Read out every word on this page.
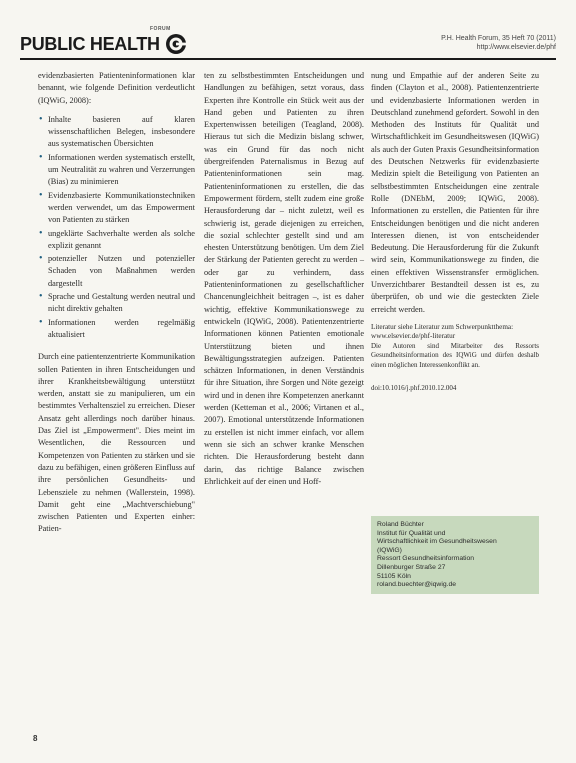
FORUM
PUBLIC HEALTH	P.H. Health Forum, 35 Heft 70 (2011)
http://www.elsevier.de/phf

evidenzbasierten Patienteninformationen klar benannt, wie folgende Definition verdeutlicht (IQWiG, 2008):

• Inhalte basieren auf klaren wissenschaftlichen Belegen, insbesondere aus systematischen Übersichten
• Informationen werden systematisch erstellt, um Neutralität zu wahren und Verzerrungen (Bias) zu minimieren
• Evidenzbasierte Kommunikationstechniken werden verwendet, um das Empowerment von Patienten zu stärken
• ungeklärte Sachverhalte werden als solche explizit genannt
• potenzieller Nutzen und potenzieller Schaden von Maßnahmen werden dargestellt
• Sprache und Gestaltung werden neutral und nicht direktiv gehalten
• Informationen werden regelmäßig aktualisiert

Durch eine patientenzentrierte Kommunikation sollen Patienten in ihren Entscheidungen und ihrer Krankheitsbewältigung unterstützt werden, anstatt sie zu manipulieren, um ein bestimmtes Verhaltensziel zu erreichen. Dieser Ansatz geht allerdings noch darüber hinaus. Das Ziel ist „Empowerment". Dies meint im Wesentlichen, die Ressourcen und Kompetenzen von Patienten zu stärken und sie dazu zu befähigen, einen größeren Einfluss auf ihre persönlichen Gesundheits- und Lebensziele zu nehmen (Wallerstein, 1998). Damit geht eine „Machtverschiebung" zwischen Patienten und Experten einher: Patien-

ten zu selbstbestimmten Entscheidungen und Handlungen zu befähigen, setzt voraus, dass Experten ihre Kontrolle ein Stück weit aus der Hand geben und Patienten zu ihren Expertenwissen beteiligen (Teagland, 2008). Hieraus tut sich die Medizin bislang schwer, was ein Grund für das noch nicht übergreifenden Paternalismus in Bezug auf Patienteninformationen sein mag. Patienteninformationen zu erstellen, die das Empowerment fördern, stellt zudem eine große Herausforderung dar – nicht zuletzt, weil es schwierig ist, gerade diejenigen zu erreichen, die sozial schlechter gestellt sind und am ehesten Unterstützung benötigen. Um dem Ziel der Stärkung der Patienten gerecht zu werden – oder gar zu verhindern, dass Patienteninformationen zu gesellschaftlicher Chancenungleichheit beitragen –, ist es daher wichtig, effektive Kommunikationswege zu entwickeln (IQWiG, 2008). Patientenzentrierte Informationen können Patienten emotionale Unterstützung bieten und ihnen Bewältigungsstrategien aufzeigen. Patienten schätzen Informationen, in denen Verständnis für ihre Situation, ihre Sorgen und Nöte gezeigt wird und in denen ihre Kompetenzen anerkannt werden (Ketteman et al., 2006; Virtanen et al., 2007). Emotional unterstützende Informationen zu erstellen ist nicht immer einfach, vor allem wenn sie sich an schwer kranke Menschen richten. Die Herausforderung besteht dann darin, das richtige Balance zwischen Ehrlichkeit auf der einen und Hoff-

nung und Empathie auf der anderen Seite zu finden (Clayton et al., 2008). Patientenzentrierte und evidenzbasierte Informationen werden in Deutschland zunehmend gefordert. Sowohl in den Methoden des Instituts für Qualität und Wirtschaftlichkeit im Gesundheitswesen (IQWiG) als auch der Guten Praxis Gesundheitsinformation des Deutschen Netzwerks für evidenzbasierte Medizin spielt die Beteiligung von Patienten an selbstbestimmten Entscheidungen eine zentrale Rolle (DNEbM, 2009; IQWiG, 2008). Informationen zu erstellen, die Patienten für ihre Entscheidungen benötigen und die nicht anderen Interessen dienen, ist von entscheidender Bedeutung. Die Herausforderung für die Zukunft wird sein, Kommunikationswege zu finden, die einen effektiven Wissenstransfer ermöglichen. Unverzichtbarer Bestandteil dessen ist es, zu überprüfen, ob und wie die gesteckten Ziele erreicht werden.

Literatur siehe Literatur zum Schwerpunktthema:
www.elsevier.de/phf-literatur

Die Autoren sind Mitarbeiter des Ressorts Gesundheitsinformation des IQWiG und dürfen deshalb einen möglichen Interessenkonflikt an.

doi:10.1016/j.phf.2010.12.004
Roland Büchter
Institut für Qualität und
Wirtschaftlichkeit im Gesundheitswesen
(IQWiG)
Ressort Gesundheitsinformation
Dillenburger Straße 27
51105 Köln
roland.buechter@iqwig.de
8
